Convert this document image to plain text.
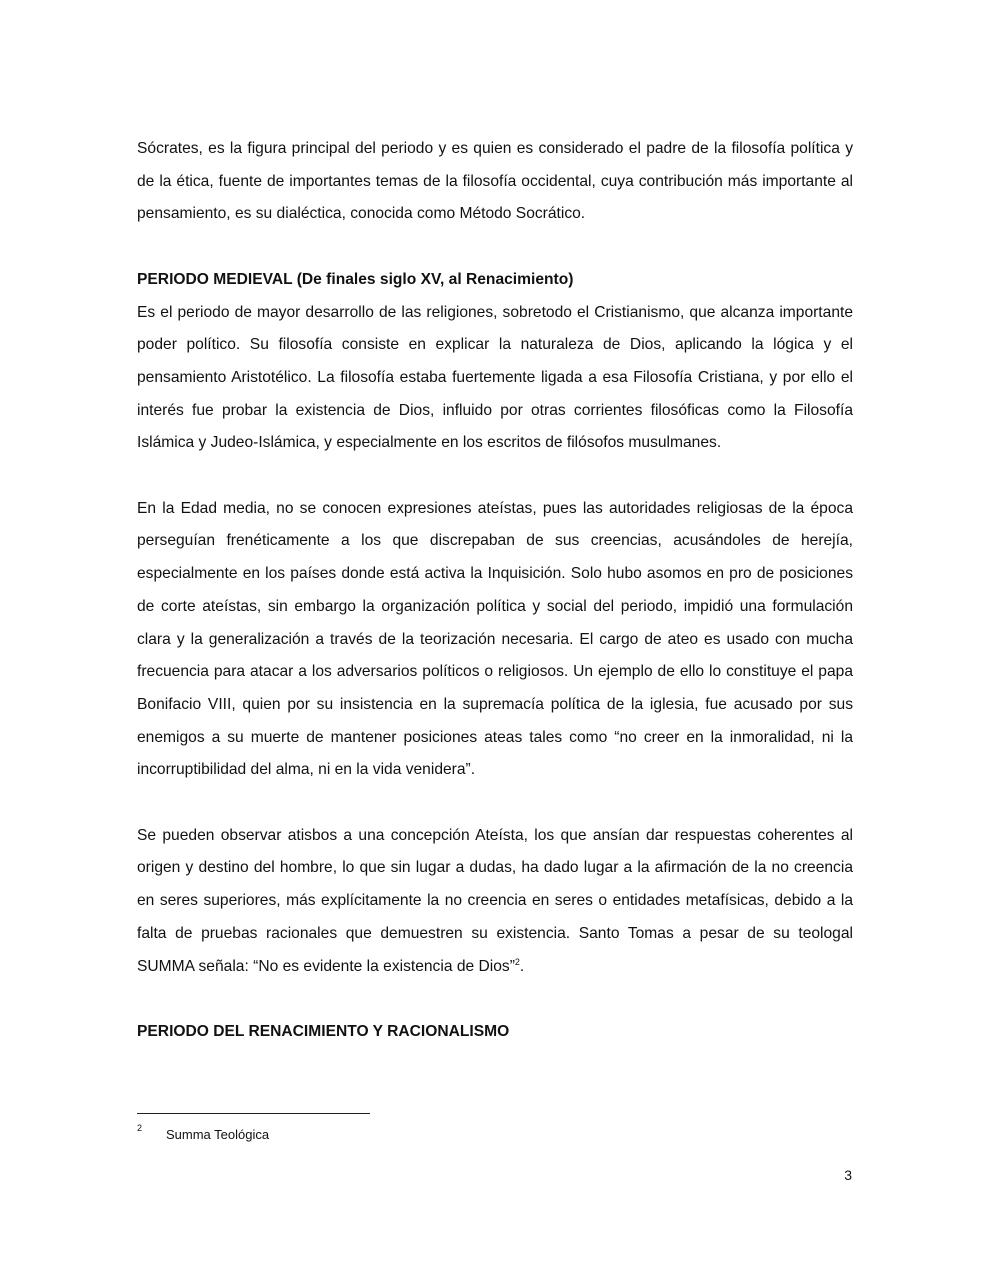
Sócrates, es la figura principal del periodo y es quien es considerado el padre de la filosofía política y de la ética, fuente de importantes temas de la filosofía occidental, cuya contribución más importante al pensamiento, es su dialéctica, conocida como Método Socrático.

PERIODO MEDIEVAL (De finales siglo XV, al Renacimiento)

Es el periodo de mayor desarrollo de las religiones, sobretodo el Cristianismo, que alcanza importante poder político. Su filosofía consiste en explicar la naturaleza de Dios, aplicando la lógica y el pensamiento Aristotélico. La filosofía estaba fuertemente ligada a esa Filosofía Cristiana, y por ello el interés fue probar la existencia de Dios, influido por otras corrientes filosóficas como la Filosofía Islámica y Judeo-Islámica, y especialmente en los escritos de filósofos musulmanes.

En la Edad media, no se conocen expresiones ateístas, pues las autoridades religiosas de la época perseguían frenéticamente a los que discrepaban de sus creencias, acusándoles de herejía, especialmente en los países donde está activa la Inquisición. Solo hubo asomos en pro de posiciones de corte ateístas, sin embargo la organización política y social del periodo, impidió una formulación clara y la generalización a través de la teorización necesaria. El cargo de ateo es usado con mucha frecuencia para atacar a los adversarios políticos o religiosos. Un ejemplo de ello lo constituye el papa Bonifacio VIII, quien por su insistencia en la supremacía política de la iglesia, fue acusado por sus enemigos a su muerte de mantener posiciones ateas tales como “no creer en la inmoralidad, ni la incorruptibilidad del alma, ni en la vida venidera”.

Se pueden observar atisbos a una concepción Ateísta, los que ansían dar respuestas coherentes al origen y destino del hombre, lo que sin lugar a dudas, ha dado lugar a la afirmación de la no creencia en seres superiores, más explícitamente la no creencia en seres o entidades metafísicas, debido a la falta de pruebas racionales que demuestren su existencia. Santo Tomas a pesar de su teologal SUMMA señala: “No es evidente la existencia de Dios”$^2$.

PERIODO DEL RENACIMIENTO Y RACIONALISMO

2 Summa Teológica
3
